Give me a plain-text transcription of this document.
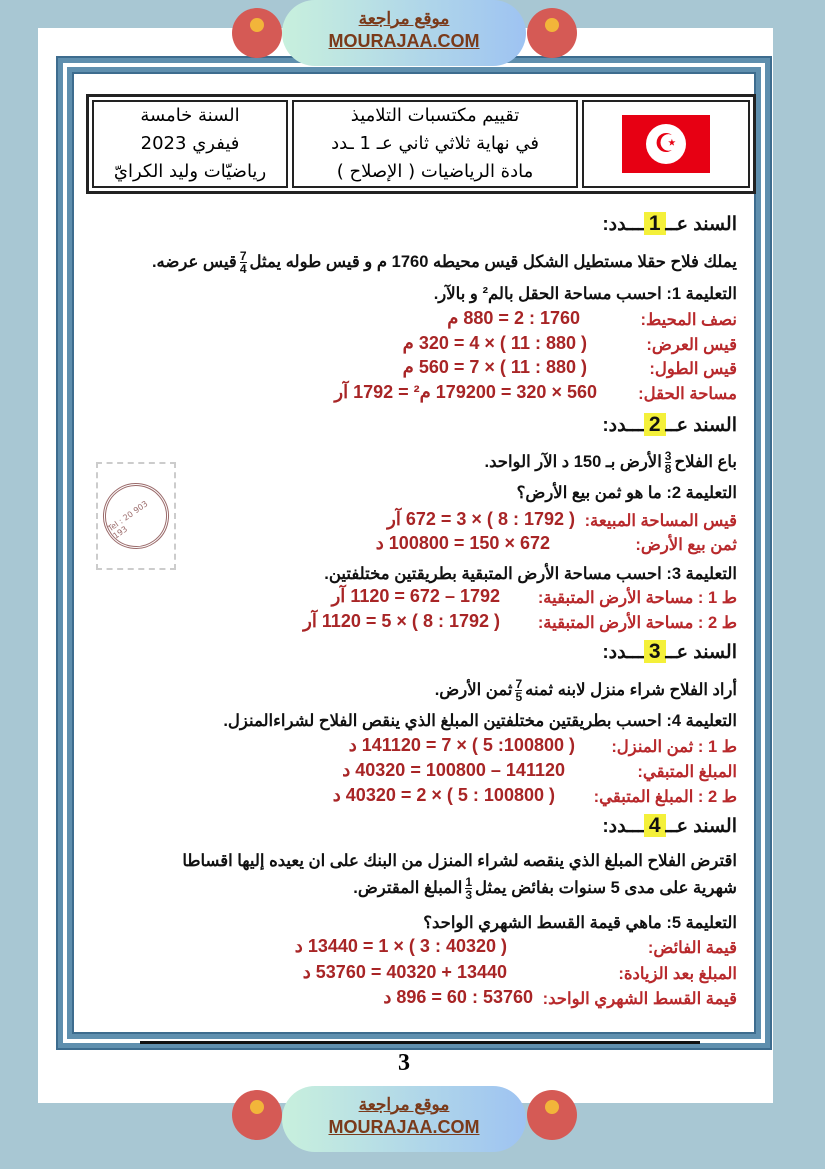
موقع مراجعة
MOURAJAA.COM
السنة خامسة
فيفري 2023
رياضيّات وليد الكرايّ
تقييم مكتسبات التلاميذ
في نهاية ثلاثي ثاني عـ 1 ـدد
مادة الرياضيات ( الإصلاح )
☪
Tel : 20 903 193
السند عــ1ـــدد:
يملك فلاح حقلا مستطيل الشكل قيس محيطه 1760 م و قيس طوله يمثل
$\frac{7}{4}$
قيس عرضه.
التعليمة 1: احسب مساحة الحقل بالم² و بالآر.
نصف المحيط:
1760 : 2 = 880 م
قيس العرض:
( 880 : 11 ) × 4 = 320 م
قيس الطول:
( 880 : 11 ) × 7 = 560 م
مساحة الحقل:
560 × 320 = 179200 م² = 1792 آر
السند عــ2ـــدد:
باع الفلاح
$\frac{3}{8}$
الأرض بـ 150 د الآر الواحد.
التعليمة 2: ما هو ثمن بيع الأرض؟
قيس المساحة المبيعة:
( 1792 : 8 ) × 3 = 672 آر
ثمن بيع الأرض:
672 × 150 = 100800 د
التعليمة 3: احسب مساحة الأرض المتبقية بطريقتين مختلفتين.
ط 1 : مساحة الأرض المتبقية:
1792 – 672 = 1120 آر
ط 2 : مساحة الأرض المتبقية:
( 1792 : 8 ) × 5 = 1120 آر
السند عــ3ـــدد:
أراد الفلاح شراء منزل لابنه ثمنه
$\frac{7}{5}$
ثمن الأرض.
التعليمة 4: احسب بطريقتين مختلفتين المبلغ الذي ينقص الفلاح لشراءالمنزل.
ط 1 : ثمن المنزل:
( 100800: 5 ) × 7 = 141120 د
المبلغ المتبقي:
141120 – 100800 = 40320 د
ط 2 : المبلغ المتبقي:
( 100800 : 5 ) × 2 = 40320 د
السند عــ4ـــدد:
اقترض الفلاح المبلغ الذي ينقصه لشراء المنزل من البنك على ان يعيده إليها اقساطا
شهرية على مدى 5 سنوات بفائض يمثل
$\frac{1}{3}$
المبلغ المقترض.
التعليمة 5: ماهي قيمة القسط الشهري الواحد؟
قيمة الفائض:
( 40320 : 3 ) × 1 = 13440 د
المبلغ بعد الزيادة:
13440 + 40320 = 53760 د
قيمة القسط الشهري الواحد:
53760 : 60 = 896 د
3
موقع مراجعة
MOURAJAA.COM
